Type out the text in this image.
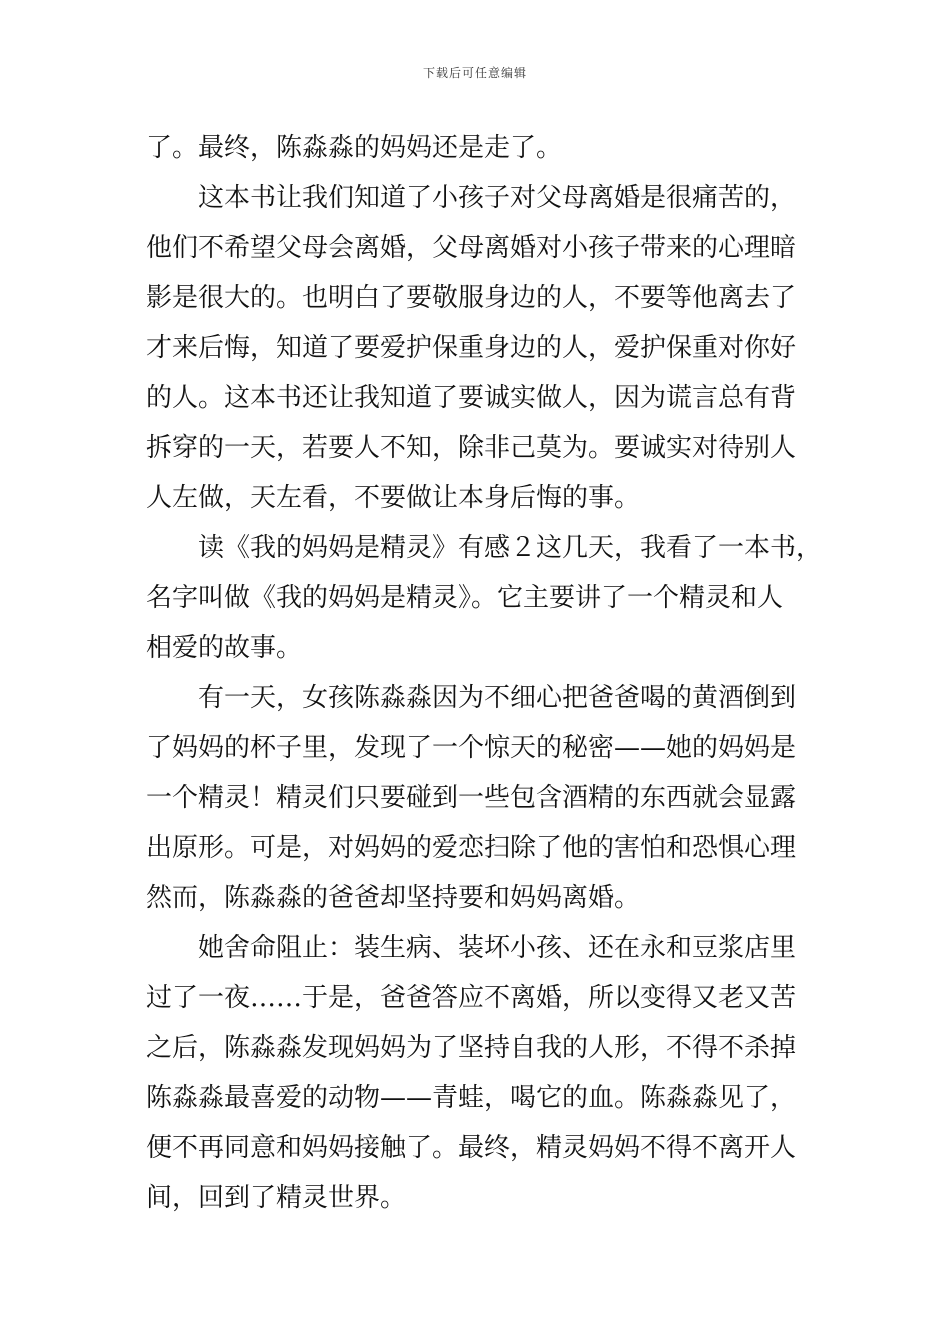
下载后可任意编辑
了。最终，陈淼淼的妈妈还是走了。
这本书让我们知道了小孩子对父母离婚是很痛苦的，
他们不希望父母会离婚，父母离婚对小孩子带来的心理暗
影是很大的。也明白了要敬服身边的人，不要等他离去了
才来后悔，知道了要爱护保重身边的人，爱护保重对你好
的人。这本书还让我知道了要诚实做人，因为谎言总有背
拆穿的一天，若要人不知，除非己莫为。要诚实对待别人
人左做，天左看，不要做让本身后悔的事。
读《我的妈妈是精灵》有感２这几天，我看了一本书，
名字叫做《我的妈妈是精灵》。它主要讲了一个精灵和人
相爱的故事。
有一天，女孩陈淼淼因为不细心把爸爸喝的黄酒倒到
了妈妈的杯子里，发现了一个惊天的秘密——她的妈妈是
一个精灵！精灵们只要碰到一些包含酒精的东西就会显露
出原形。可是，对妈妈的爱恋扫除了他的害怕和恐惧心理
然而，陈淼淼的爸爸却坚持要和妈妈离婚。
她舍命阻止：装生病、装坏小孩、还在永和豆浆店里
过了一夜……于是，爸爸答应不离婚，所以变得又老又苦
之后，陈淼淼发现妈妈为了坚持自我的人形，不得不杀掉
陈淼淼最喜爱的动物——青蛙，喝它的血。陈淼淼见了，
便不再同意和妈妈接触了。最终，精灵妈妈不得不离开人
间，回到了精灵世界。
